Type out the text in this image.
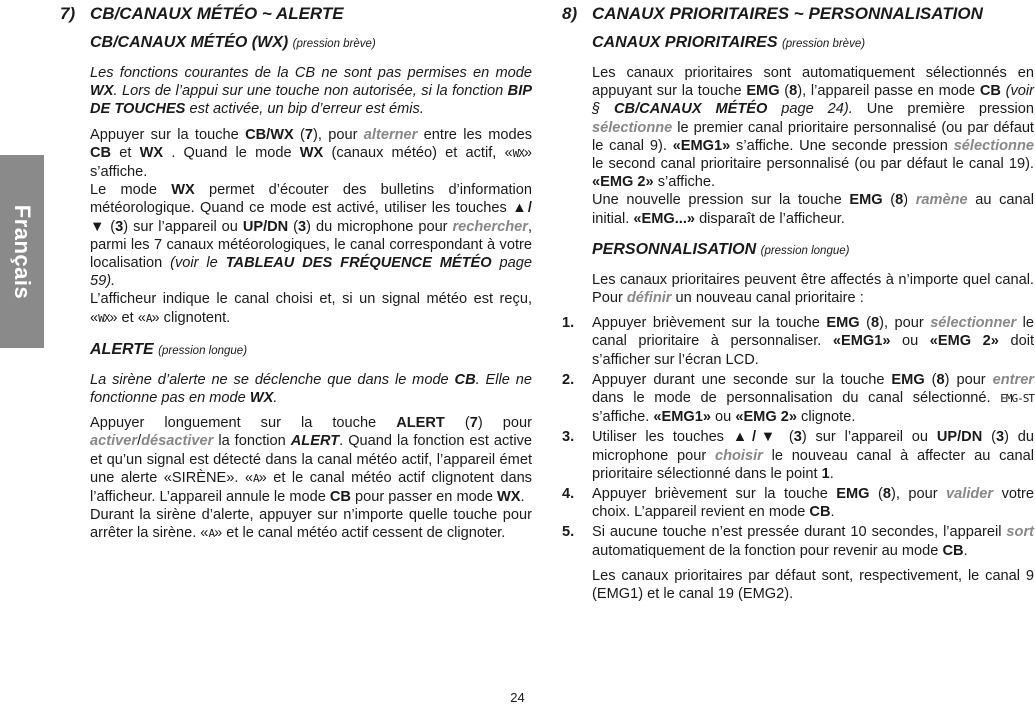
Français
7) CB/CANAUX MÉTÉO ~ ALERTE
CB/CANAUX MÉTÉO (WX) (pression brève)

Les fonctions courantes de la CB ne sont pas permises en mode WX. Lors de l’appui sur une touche non autorisée, si la fonction BIP DE TOUCHES est activée, un bip d’erreur est émis.

Appuyer sur la touche CB/WX (7), pour alterner entre les modes CB et WX . Quand le mode WX (canaux météo) et actif, «WX» s’affiche.

Le mode WX permet d’écouter des bulletins d’information météorologique. Quand ce mode est activé, utiliser les touches ▲/▼ (3) sur l’appareil ou UP/DN (3) du microphone pour rechercher, parmi les 7 canaux météorologiques, le canal correspondant à votre localisation (voir le TABLEAU DES FRÉQUENCE MÉTÉO page 59).

L’afficheur indique le canal choisi et, si un signal météo est reçu, «WX» et «A» clignotent.

ALERTE (pression longue)

La sirène d’alerte ne se déclenche que dans le mode CB. Elle ne fonctionne pas en mode WX.

Appuyer longuement sur la touche ALERT (7) pour activer/désactiver la fonction ALERT. Quand la fonction est active et qu’un signal est détecté dans la canal météo actif, l’appareil émet une alerte «SIRÈNE». «A» et le canal météo actif clignotent dans l’afficheur. L’appareil annule le mode CB pour passer en mode WX.

Durant la sirène d’alerte, appuyer sur n’importe quelle touche pour arrêter la sirène. «A» et le canal météo actif cessent de clignoter.

8) CANAUX PRIORITAIRES ~ PERSONNALISATION
CANAUX PRIORITAIRES (pression brève)

Les canaux prioritaires sont automatiquement sélectionnés en appuyant sur la touche EMG (8), l’appareil passe en mode CB (voir § CB/CANAUX MÉTÉO page 24). Une première pression sélectionne le premier canal prioritaire personnalisé (ou par défaut le canal 9). «EMG1» s’affiche. Une seconde pression sélectionne le second canal prioritaire personnalisé (ou par défaut le canal 19). «EMG 2» s’affiche.

Une nouvelle pression sur la touche EMG (8) ramène au canal initial. «EMG...» disparaît de l’afficheur.

PERSONNALISATION (pression longue)

Les canaux prioritaires peuvent être affectés à n’importe quel canal. Pour définir un nouveau canal prioritaire :

1.	Appuyer brièvement sur la touche EMG (8), pour sélectionner le canal prioritaire à personnaliser. «EMG1» ou «EMG 2» doit s’afficher sur l’écran LCD.
2.	Appuyer durant une seconde sur la touche EMG (8) pour entrer dans le mode de personnalisation du canal sélectionné. EMG-ST s’affiche. «EMG1» ou «EMG 2» clignote.
3.	Utiliser les touches ▲/▼ (3) sur l’appareil ou UP/DN (3) du microphone pour choisir le nouveau canal à affecter au canal prioritaire sélectionné dans le point 1.
4.	Appuyer brièvement sur la touche EMG (8), pour valider votre choix. L’appareil revient en mode CB.
5.	Si aucune touche n’est pressée durant 10 secondes, l’appareil sort automatiquement de la fonction pour revenir au mode CB.

Les canaux prioritaires par défaut sont, respectivement, le canal 9 (EMG1) et le canal 19 (EMG2).

24
